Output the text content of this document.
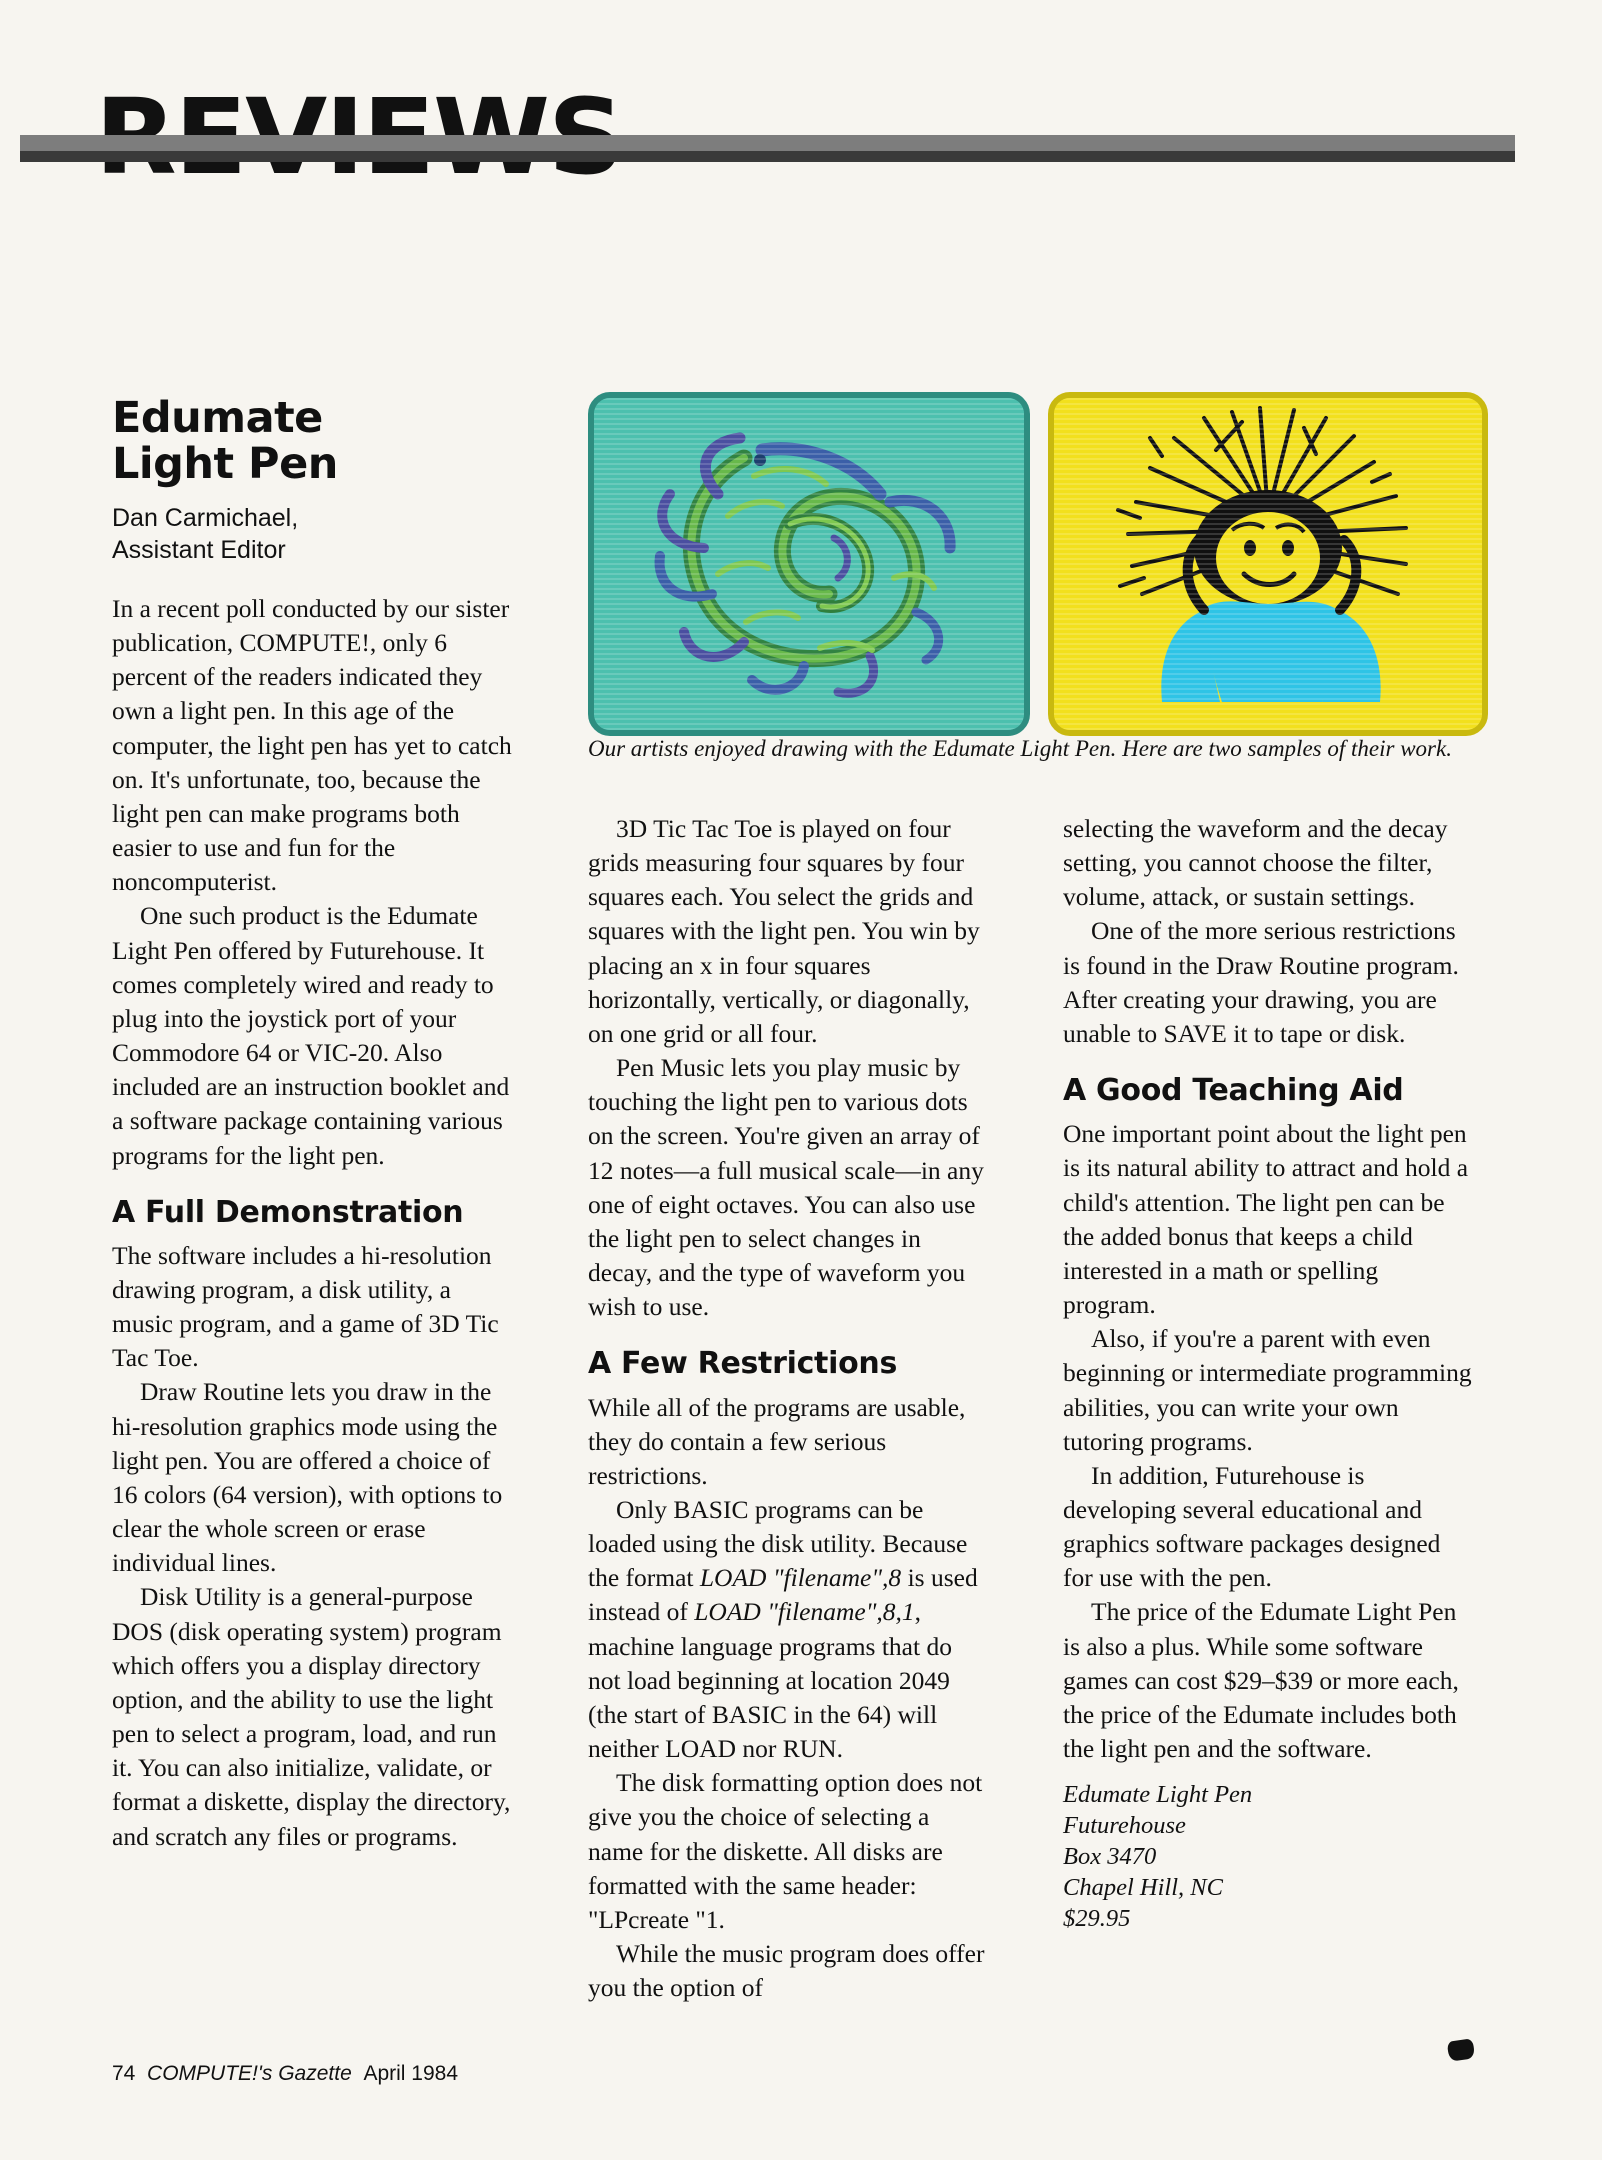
Our artists enjoyed drawing with the Edumate Light Pen. Here are two samples of their work.
Edumate
Light Pen
Dan Carmichael,
Assistant Editor

In a recent poll conducted by our sister publication, COMPUTE!, only 6 percent of the readers indicated they own a light pen. In this age of the computer, the light pen has yet to catch on. It's unfortunate, too, because the light pen can make programs both easier to use and fun for the noncomputerist.

One such product is the Edumate Light Pen offered by Futurehouse. It comes completely wired and ready to plug into the joystick port of your Commodore 64 or VIC-20. Also included are an instruction booklet and a software package containing various programs for the light pen.

A Full Demonstration

The software includes a hi-resolution drawing program, a disk utility, a music program, and a game of 3D Tic Tac Toe.

Draw Routine lets you draw in the hi-resolution graphics mode using the light pen. You are offered a choice of 16 colors (64 version), with options to clear the whole screen or erase individual lines.

Disk Utility is a general-purpose DOS (disk operating system) program which offers you a display directory option, and the ability to use the light pen to select a program, load, and run it. You can also initialize, validate, or format a diskette, display the directory, and scratch any files or programs.

3D Tic Tac Toe is played on four grids measuring four squares by four squares each. You select the grids and squares with the light pen. You win by placing an x in four squares horizontally, vertically, or diagonally, on one grid or all four.

Pen Music lets you play music by touching the light pen to various dots on the screen. You're given an array of 12 notes—a full musical scale—in any one of eight octaves. You can also use the light pen to select changes in decay, and the type of waveform you wish to use.

A Few Restrictions

While all of the programs are usable, they do contain a few serious restrictions.

Only BASIC programs can be loaded using the disk utility. Because the format LOAD "filename",8 is used instead of LOAD "filename",8,1, machine language programs that do not load beginning at location 2049 (the start of BASIC in the 64) will neither LOAD nor RUN.

The disk formatting option does not give you the choice of selecting a name for the diskette. All disks are formatted with the same header: "LPcreate "1.

While the music program does offer you the option of

selecting the waveform and the decay setting, you cannot choose the filter, volume, attack, or sustain settings.

One of the more serious restrictions is found in the Draw Routine program. After creating your drawing, you are unable to SAVE it to tape or disk.

A Good Teaching Aid

One important point about the light pen is its natural ability to attract and hold a child's attention. The light pen can be the added bonus that keeps a child interested in a math or spelling program.

Also, if you're a parent with even beginning or intermediate programming abilities, you can write your own tutoring programs.

In addition, Futurehouse is developing several educational and graphics software packages designed for use with the pen.

The price of the Edumate Light Pen is also a plus. While some software games can cost $29–$39 or more each, the price of the Edumate includes both the light pen and the software.

Edumate Light Pen
Futurehouse
Box 3470
Chapel Hill, NC
$29.95
74 COMPUTE!'s Gazette April 1984
